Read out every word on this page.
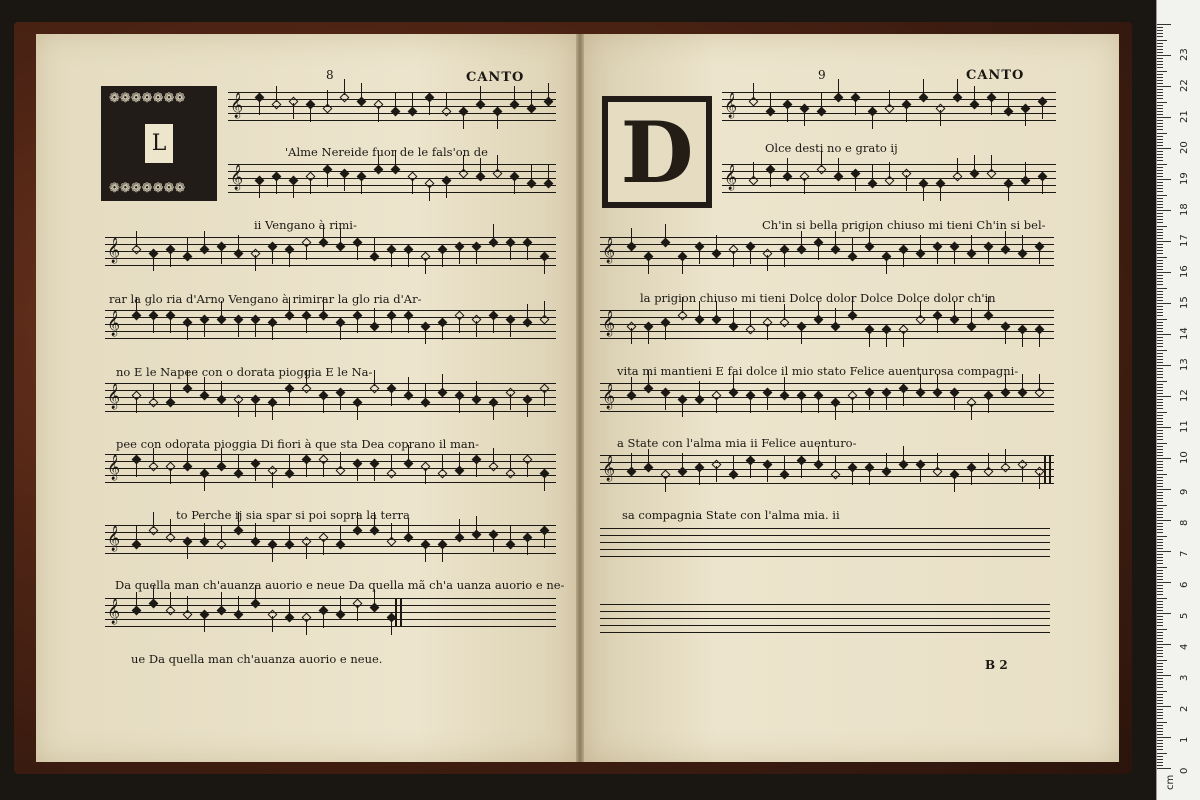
8	CANTO	9	CANTO
❁❁❁❁❁❁❁
❁❁❁❁❁❁❁
L	D
𝄞
𝄞
𝄞
𝄞
𝄞
𝄞
𝄞
𝄞
𝄞
𝄞
𝄞
𝄞
𝄞
𝄞
'Alme Nereide fuor de le fals'on de
ii Vengano à rimi-
rar la glo ria d'Arno Vengano à rimirar la glo ria d'Ar-
no E le Napee con o dorata pioggia E le Na-
pee con odorata pioggia Di fiori à que sta Dea coprano il man-
to Perche ij sia spar si poi sopra la terra
Da quella man ch'auanza auorio e neue Da quella mã ch'a uanza auorio e ne-
ue Da quella man ch'auanza auorio e neue.
Olce desti no e grato ij
Ch'in si bella prigion chiuso mi tieni Ch'in si bel-
la prigion chiuso mi tieni Dolce dolor Dolce Dolce dolor ch'in
vita mi mantieni E fai dolce il mio stato Felice auenturosa compagni-
a State con l'alma mia ii Felice auenturo-
sa compagnia State con l'alma mia. ii
B 2
0
1
2
3
4
5
6
7
8
9
10
11
12
13
14
15
16
17
18
19
20
21
22
23
cm
